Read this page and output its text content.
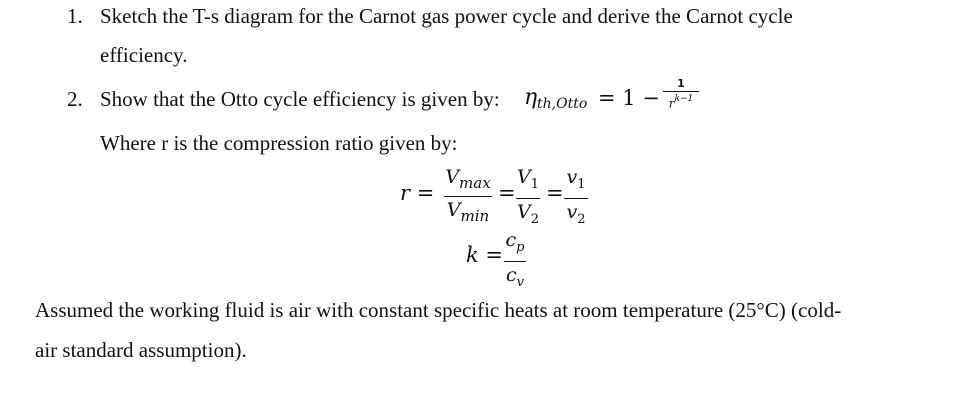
1. Sketch the T-s diagram for the Carnot gas power cycle and derive the Carnot cycle
efficiency.
2. Show that the Otto cycle efficiency is given by: η th,Otto = 1 −
1
$r^{k-1}$
Where r is the compression ratio given by:
r =
$V_{max}$
$V_{min}$
=
$V_1$
$V_2$
=
$v_1$
$v_2$
k =
$c_p$
$c_v$
Assumed the working fluid is air with constant specific heats at room temperature (25°C) (cold-
air standard assumption).
